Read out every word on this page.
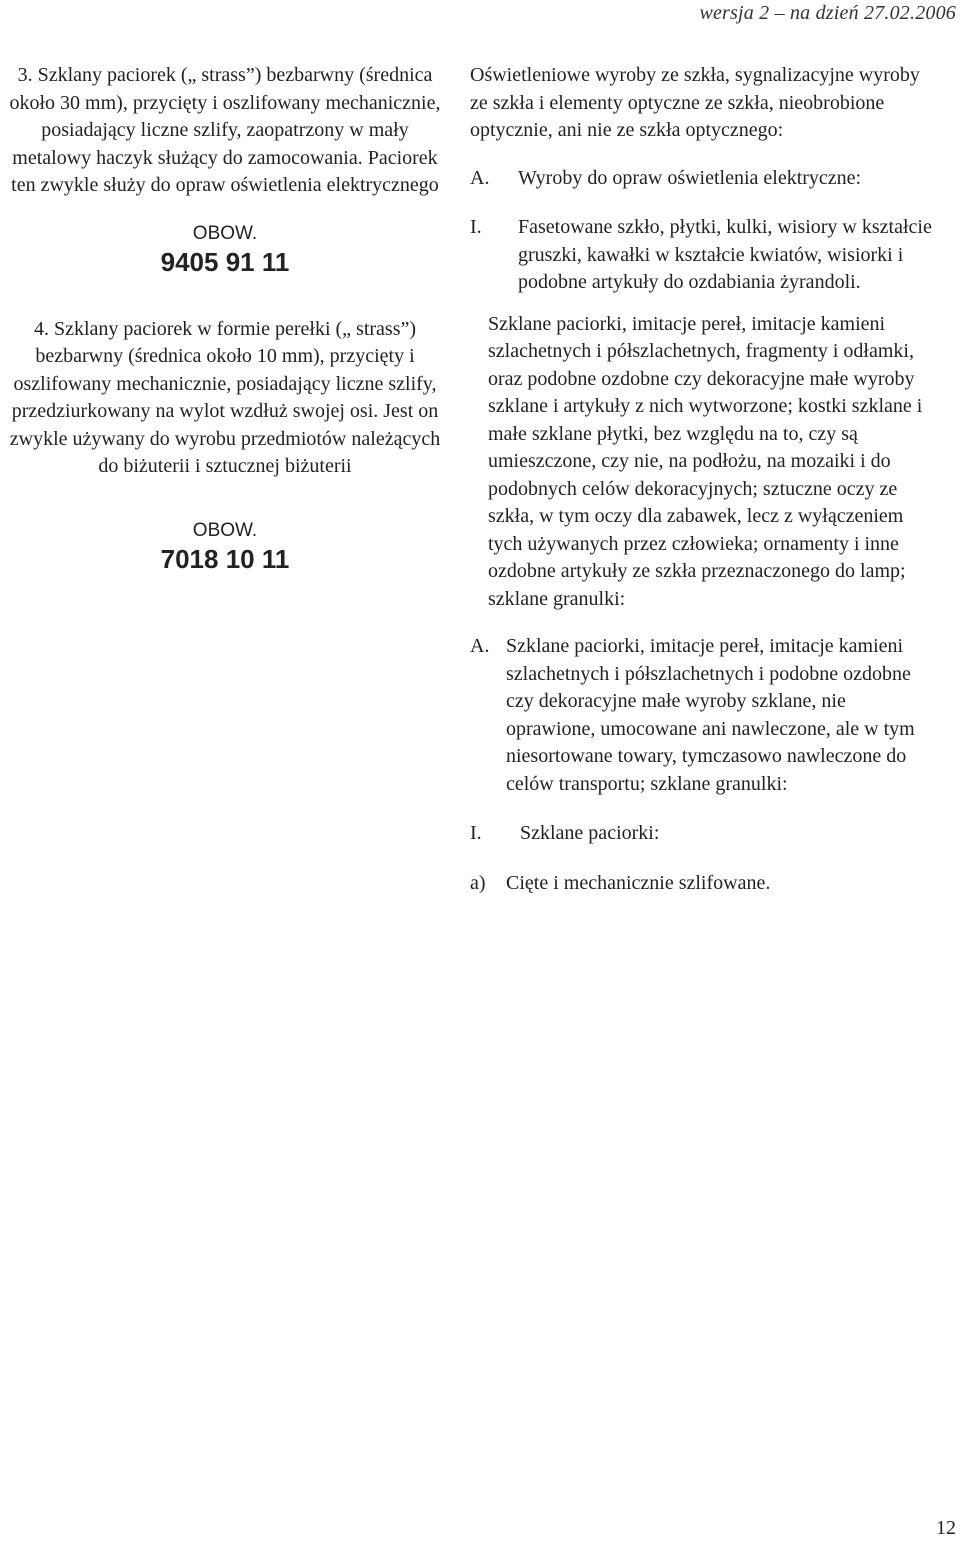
wersja 2 – na dzień 27.02.2006

3. Szklany paciorek („ strass”) bezbarwny (średnica około 30 mm), przycięty i oszlifowany mechanicznie, posiadający liczne szlify, zaopatrzony w mały metalowy haczyk służący do zamocowania. Paciorek ten zwykle służy do opraw oświetlenia elektrycznego

OBOW.
9405 91 11

4. Szklany paciorek w formie perełki („ strass”) bezbarwny (średnica około 10 mm), przycięty i oszlifowany mechanicznie, posiadający liczne szlify, przedziurkowany na wylot wzdłuż swojej osi. Jest on zwykle używany do wyrobu przedmiotów należących do biżuterii i sztucznej biżuterii

OBOW.
7018 10 11

Oświetleniowe wyroby ze szkła, sygnalizacyjne wyroby ze szkła i elementy optyczne ze szkła, nieobrobione optycznie, ani nie ze szkła optycznego:

A.	Wyroby do opraw oświetlenia elektryczne:
I.	Fasetowane szkło, płytki, kulki, wisiory w kształcie gruszki, kawałki w kształcie kwiatów, wisiorki i podobne artykuły do ozdabiania żyrandoli.

Szklane paciorki, imitacje pereł, imitacje kamieni szlachetnych i półszlachetnych, fragmenty i odłamki, oraz podobne ozdobne czy dekoracyjne małe wyroby szklane i artykuły z nich wytworzone; kostki szklane i małe szklane płytki, bez względu na to, czy są umieszczone, czy nie, na podłożu, na mozaiki i do podobnych celów dekoracyjnych; sztuczne oczy ze szkła, w tym oczy dla zabawek, lecz z wyłączeniem tych używanych przez człowieka; ornamenty i inne ozdobne artykuły ze szkła przeznaczonego do lamp; szklane granulki:

A. Szklane paciorki, imitacje pereł, imitacje kamieni szlachetnych i półszlachetnych i podobne ozdobne czy dekoracyjne małe wyroby szklane, nie oprawione, umocowane ani nawleczone, ale w tym niesortowane towary, tymczasowo nawleczone do celów transportu; szklane granulki:
I.	Szklane paciorki:
a)	Cięte i mechanicznie szlifowane.
12
